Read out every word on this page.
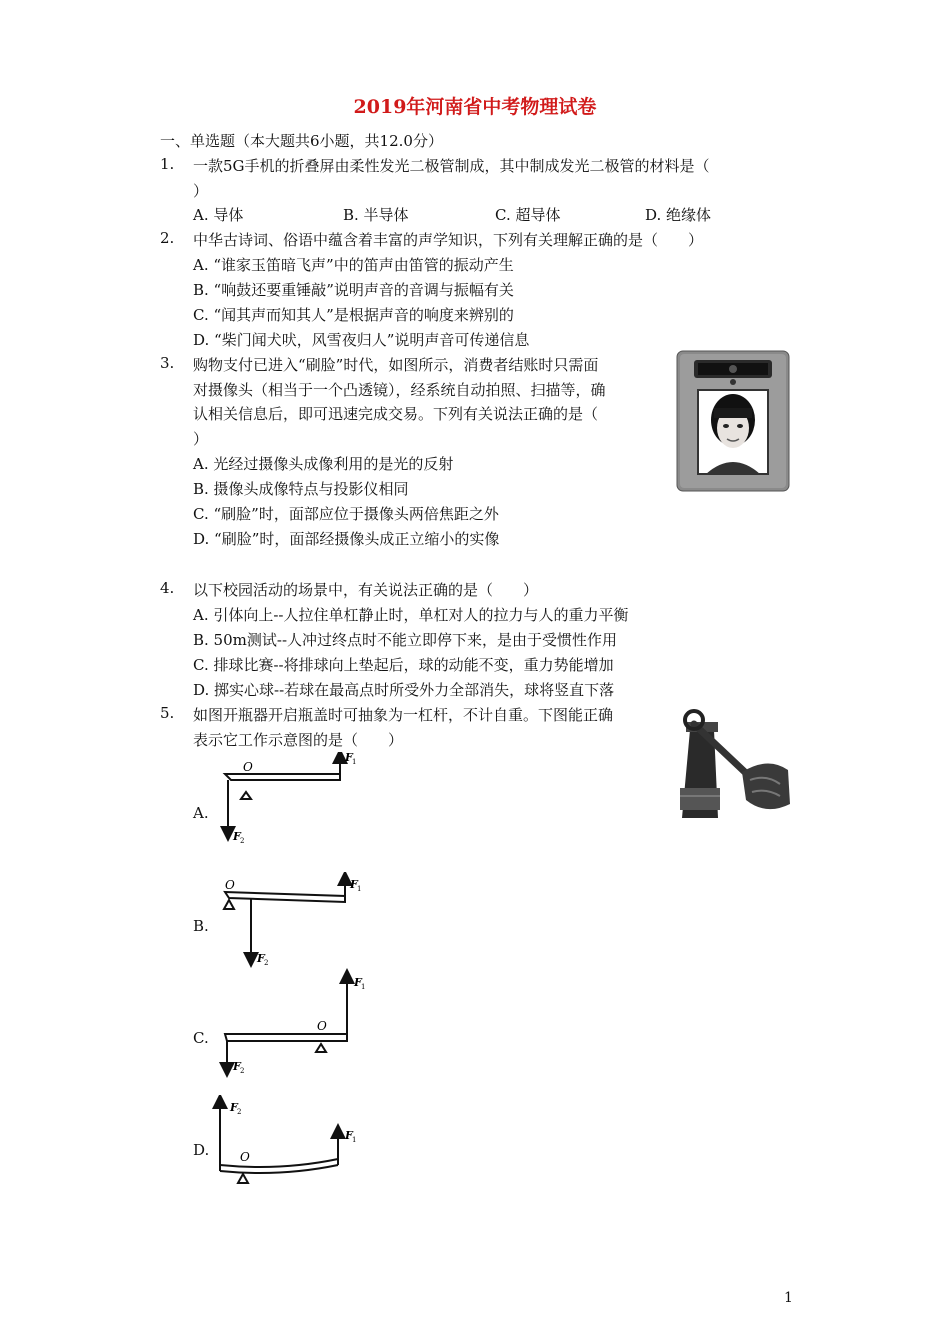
2019年河南省中考物理试卷
一、单选题（本大题共6小题，共12.0分）
1. 一款5G手机的折叠屏由柔性发光二极管制成，其中制成发光二极管的材料是（
）
A. 导体	B. 半导体	C. 超导体	D. 绝缘体
2. 中华古诗词、俗语中蕴含着丰富的声学知识，下列有关理解正确的是（　　）
A. “谁家玉笛暗飞声”中的笛声由笛管的振动产生
B. “响鼓还要重锤敲”说明声音的音调与振幅有关
C. “闻其声而知其人”是根据声音的响度来辨别的
D. “柴门闻犬吠，风雪夜归人”说明声音可传递信息
3. 购物支付已进入“刷脸”时代，如图所示，消费者结账时只需面
对摄像头（相当于一个凸透镜），经系统自动拍照、扫描等，确
认相关信息后，即可迅速完成交易。下列有关说法正确的是（
）
A. 光经过摄像头成像利用的是光的反射
B. 摄像头成像特点与投影仪相同
C. “刷脸”时，面部应位于摄像头两倍焦距之外
D. “刷脸”时，面部经摄像头成正立缩小的实像
4. 以下校园活动的场景中，有关说法正确的是（　　）
A. 引体向上--人拉住单杠静止时，单杠对人的拉力与人的重力平衡
B. 50m测试--人冲过终点时不能立即停下来，是由于受惯性作用
C. 排球比赛--将排球向上垫起后，球的动能不变，重力势能增加
D. 掷实心球--若球在最高点时所受外力全部消失，球将竖直下落
5. 如图开瓶器开启瓶盖时可抽象为一杠杆，不计自重。下图能正确
表示它工作示意图的是（　　）
A.
B.
C.
D.
O
F 1
F 2
O	F 1
F 2
O
F 1
F 2
O
F 2
F 1
1
